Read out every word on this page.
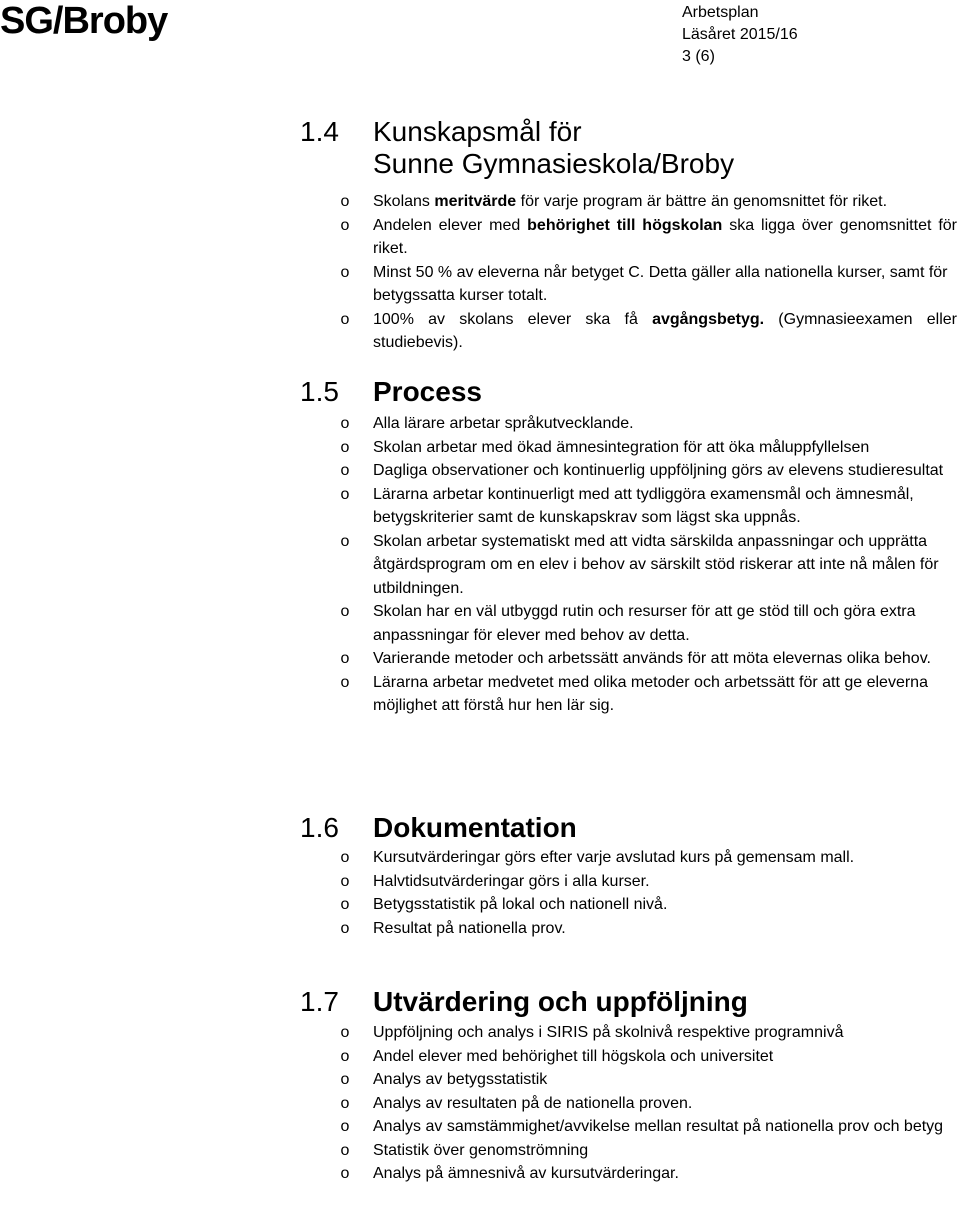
SG/Broby	Arbetsplan
Läsåret 2015/16
3 (6)
1.4 Kunskapsmål för
Sunne Gymnasieskola/Broby
o Skolans meritvärde för varje program är bättre än genomsnittet för riket.
o Andelen elever med behörighet till högskolan ska ligga över genomsnittet för riket.
o Minst 50 % av eleverna når betyget C. Detta gäller alla nationella kurser, samt för betygssatta kurser totalt.
o 100% av skolans elever ska få avgångsbetyg. (Gymnasieexamen eller studiebevis).
1.5 Process
o Alla lärare arbetar språkutvecklande.
o Skolan arbetar med ökad ämnesintegration för att öka måluppfyllelsen
o Dagliga observationer och kontinuerlig uppföljning görs av elevens studieresultat
o Lärarna arbetar kontinuerligt med att tydliggöra examensmål och ämnesmål, betygskriterier samt de kunskapskrav som lägst ska uppnås.
o Skolan arbetar systematiskt med att vidta särskilda anpassningar och upprätta åtgärdsprogram om en elev i behov av särskilt stöd riskerar att inte nå målen för utbildningen.
o Skolan har en väl utbyggd rutin och resurser för att ge stöd till och göra extra anpassningar för elever med behov av detta.
o Varierande metoder och arbetssätt används för att möta elevernas olika behov.
o Lärarna arbetar medvetet med olika metoder och arbetssätt för att ge eleverna möjlighet att förstå hur hen lär sig.
1.6 Dokumentation
o Kursutvärderingar görs efter varje avslutad kurs på gemensam mall.
o Halvtidsutvärderingar görs i alla kurser.
o Betygsstatistik på lokal och nationell nivå.
o Resultat på nationella prov.
1.7 Utvärdering och uppföljning
o Uppföljning och analys i SIRIS på skolnivå respektive programnivå
o Andel elever med behörighet till högskola och universitet
o Analys av betygsstatistik
o Analys av resultaten på de nationella proven.
o Analys av samstämmighet/avvikelse mellan resultat på nationella prov och betyg
o Statistik över genomströmning
o Analys på ämnesnivå av kursutvärderingar.
